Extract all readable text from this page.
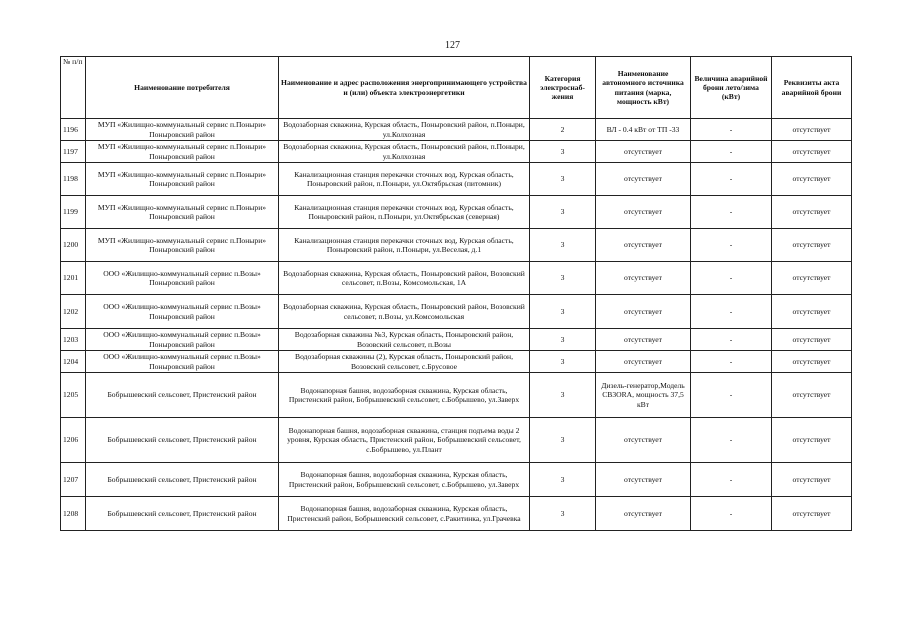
127
№ п/п	Наименование потребителя	Наименование и адрес расположения энергопринимающего устройства и (или) объекта электроэнергетики	Категория электроснаб-жения	Наименование автономного источника питания (марка, мощность кВт)	Величина аварийной брони лето/зима (кВт)	Реквизиты акта аварийной брони
1196	МУП «Жилищно-коммунальный сервис п.Поныри» Поныровский район	Водозаборная скважина, Курская область, Поныровский район, п.Поныри, ул.Колхозная	2	ВЛ - 0.4 кВт от ТП -33	-	отсутствует
1197	МУП «Жилищно-коммунальный сервис п.Поныри» Поныровский район	Водозаборная скважина, Курская область, Поныровский район, п.Поныри, ул.Колхозная	3	отсутствует	-	отсутствует
1198	МУП «Жилищно-коммунальный сервис п.Поныри» Поныровский район	Канализационная станция перекачки сточных вод, Курская область, Поныровский район, п.Поныри, ул.Октябрьская (питомник)	3	отсутствует	-	отсутствует
1199	МУП «Жилищно-коммунальный сервис п.Поныри» Поныровский район	Канализационная станция перекачки сточных вод, Курская область, Поныровский район, п.Поныри, ул.Октябрьская (северная)	3	отсутствует	-	отсутствует
1200	МУП «Жилищно-коммунальный сервис п.Поныри» Поныровский район	Канализационная станция перекачки сточных вод, Курская область, Поныровский район, п.Поныри, ул.Веселая, д.1	3	отсутствует	-	отсутствует
1201	ООО «Жилищно-коммунальный сервис п.Возы» Поныровский район	Водозаборная скважина, Курская область, Поныровский район, Возовский сельсовет, п.Возы, Комсомольская, 1А	3	отсутствует	-	отсутствует
1202	ООО «Жилищно-коммунальный сервис п.Возы» Поныровский район	Водозаборная скважина, Курская область, Поныровский район, Возовский сельсовет, п.Возы, ул.Комсомольская	3	отсутствует	-	отсутствует
1203	ООО «Жилищно-коммунальный сервис п.Возы» Поныровский район	Водозаборная скважина №3, Курская область, Поныровский район, Возовский сельсовет, п.Возы	3	отсутствует	-	отсутствует
1204	ООО «Жилищно-коммунальный сервис п.Возы» Поныровский район	Водозаборная скважины (2), Курская область, Поныровский район, Возовский сельсовет, с.Брусовое	3	отсутствует	-	отсутствует
1205	Бобрышевский сельсовет, Пристенский район	Водонапорная башня, водозаборная скважина, Курская область, Пристенский район, Бобрышевский сельсовет, с.Бобрышево, ул.Заверх	3	Дизель-генератор,Модель CB3ORA, мощность 37,5 кВт	-	отсутствует
1206	Бобрышевский сельсовет, Пристенский район	Водонапорная башня, водозаборная скважина, станция подъема воды 2 уровня, Курская область, Пристенский район, Бобрышевский сельсовет, с.Бобрышево, ул.Плант	3	отсутствует	-	отсутствует
1207	Бобрышевский сельсовет, Пристенский район	Водонапорная башня, водозаборная скважина, Курская область, Пристенский район, Бобрышевский сельсовет, с.Бобрышево, ул.Заверх	3	отсутствует	-	отсутствует
1208	Бобрышевский сельсовет, Пристенский район	Водонапорная башня, водозаборная скважина, Курская область, Пристенский район, Бобрышевский сельсовет, с.Ракитинка, ул.Грачевка	3	отсутствует	-	отсутствует
